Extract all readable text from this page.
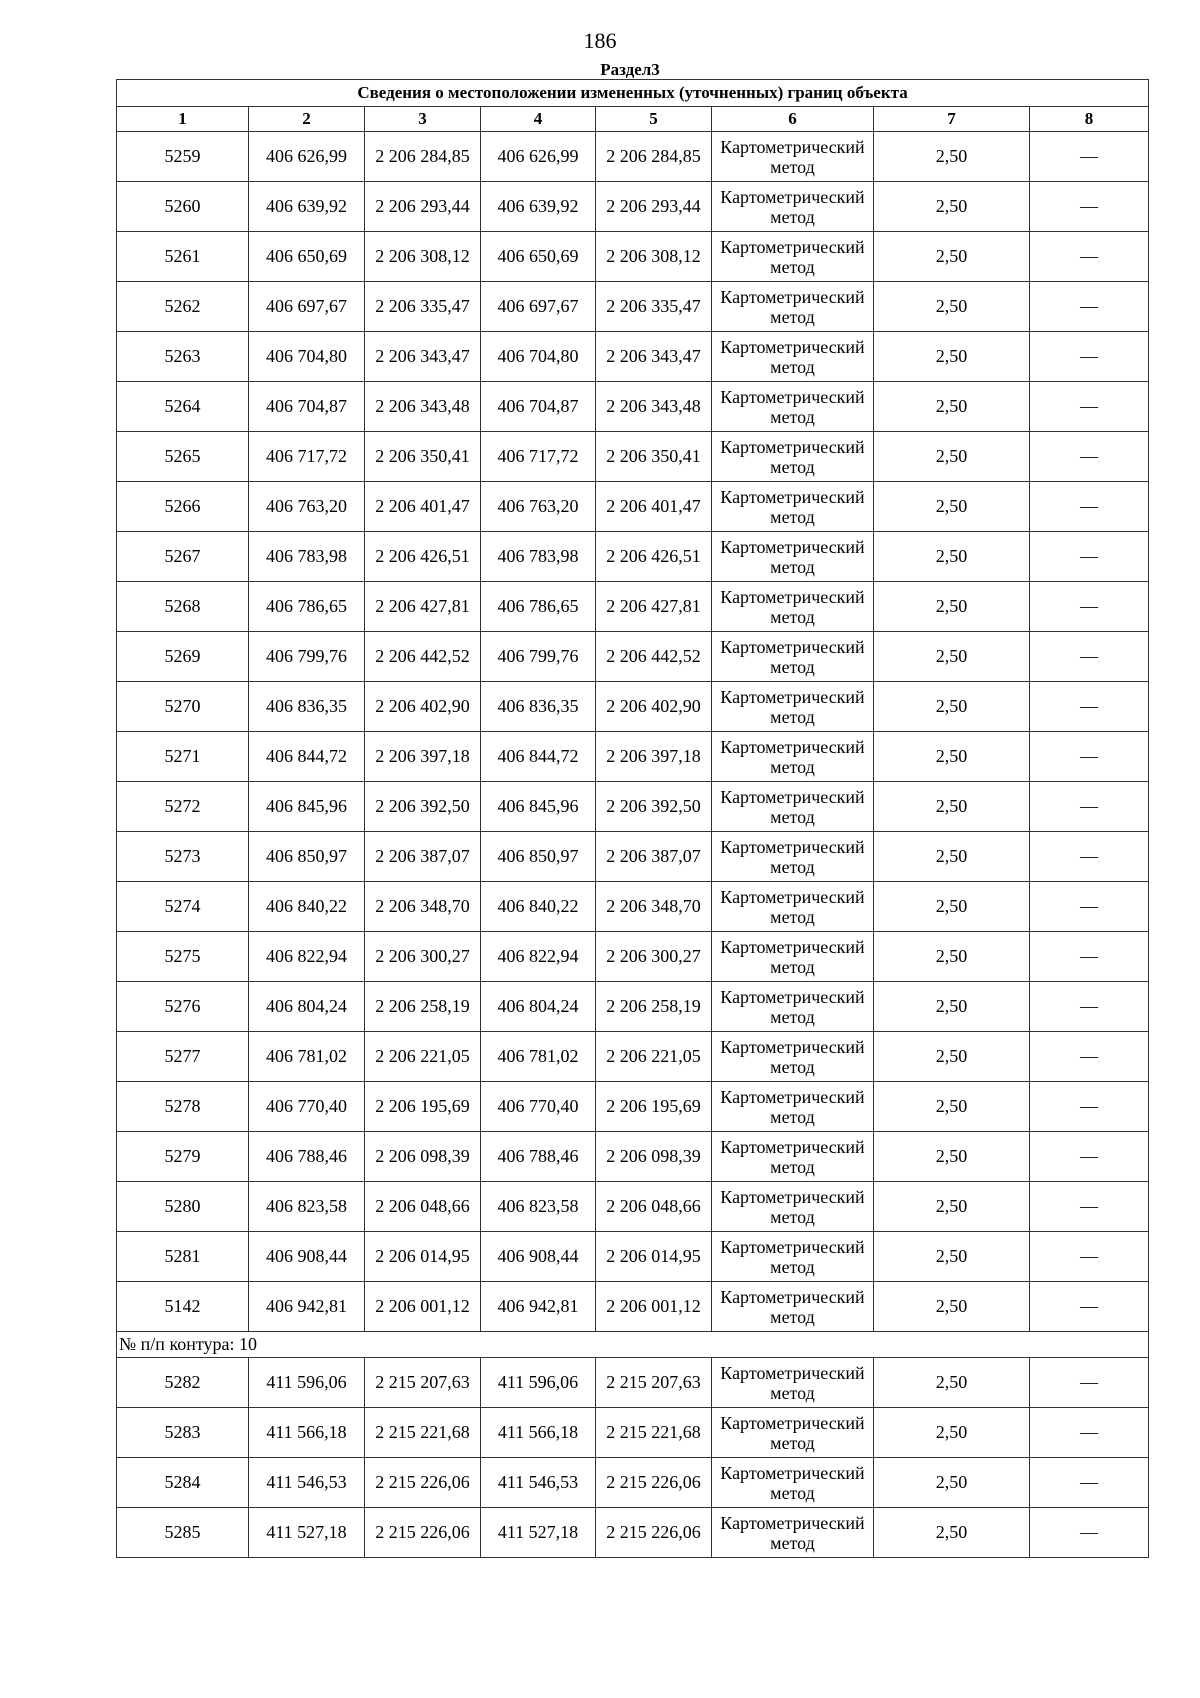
186
Раздел3
Сведения о местоположении измененных (уточненных) границ объекта							
1	2	3	4	5	6	7	8
5259	406 626,99	2 206 284,85	406 626,99	2 206 284,85	Картометрический метод	2,50	—
5260	406 639,92	2 206 293,44	406 639,92	2 206 293,44	Картометрический метод	2,50	—
5261	406 650,69	2 206 308,12	406 650,69	2 206 308,12	Картометрический метод	2,50	—
5262	406 697,67	2 206 335,47	406 697,67	2 206 335,47	Картометрический метод	2,50	—
5263	406 704,80	2 206 343,47	406 704,80	2 206 343,47	Картометрический метод	2,50	—
5264	406 704,87	2 206 343,48	406 704,87	2 206 343,48	Картометрический метод	2,50	—
5265	406 717,72	2 206 350,41	406 717,72	2 206 350,41	Картометрический метод	2,50	—
5266	406 763,20	2 206 401,47	406 763,20	2 206 401,47	Картометрический метод	2,50	—
5267	406 783,98	2 206 426,51	406 783,98	2 206 426,51	Картометрический метод	2,50	—
5268	406 786,65	2 206 427,81	406 786,65	2 206 427,81	Картометрический метод	2,50	—
5269	406 799,76	2 206 442,52	406 799,76	2 206 442,52	Картометрический метод	2,50	—
5270	406 836,35	2 206 402,90	406 836,35	2 206 402,90	Картометрический метод	2,50	—
5271	406 844,72	2 206 397,18	406 844,72	2 206 397,18	Картометрический метод	2,50	—
5272	406 845,96	2 206 392,50	406 845,96	2 206 392,50	Картометрический метод	2,50	—
5273	406 850,97	2 206 387,07	406 850,97	2 206 387,07	Картометрический метод	2,50	—
5274	406 840,22	2 206 348,70	406 840,22	2 206 348,70	Картометрический метод	2,50	—
5275	406 822,94	2 206 300,27	406 822,94	2 206 300,27	Картометрический метод	2,50	—
5276	406 804,24	2 206 258,19	406 804,24	2 206 258,19	Картометрический метод	2,50	—
5277	406 781,02	2 206 221,05	406 781,02	2 206 221,05	Картометрический метод	2,50	—
5278	406 770,40	2 206 195,69	406 770,40	2 206 195,69	Картометрический метод	2,50	—
5279	406 788,46	2 206 098,39	406 788,46	2 206 098,39	Картометрический метод	2,50	—
5280	406 823,58	2 206 048,66	406 823,58	2 206 048,66	Картометрический метод	2,50	—
5281	406 908,44	2 206 014,95	406 908,44	2 206 014,95	Картометрический метод	2,50	—
5142	406 942,81	2 206 001,12	406 942,81	2 206 001,12	Картометрический метод	2,50	—
№ п/п контура: 10							
5282	411 596,06	2 215 207,63	411 596,06	2 215 207,63	Картометрический метод	2,50	—
5283	411 566,18	2 215 221,68	411 566,18	2 215 221,68	Картометрический метод	2,50	—
5284	411 546,53	2 215 226,06	411 546,53	2 215 226,06	Картометрический метод	2,50	—
5285	411 527,18	2 215 226,06	411 527,18	2 215 226,06	Картометрический метод	2,50	—
